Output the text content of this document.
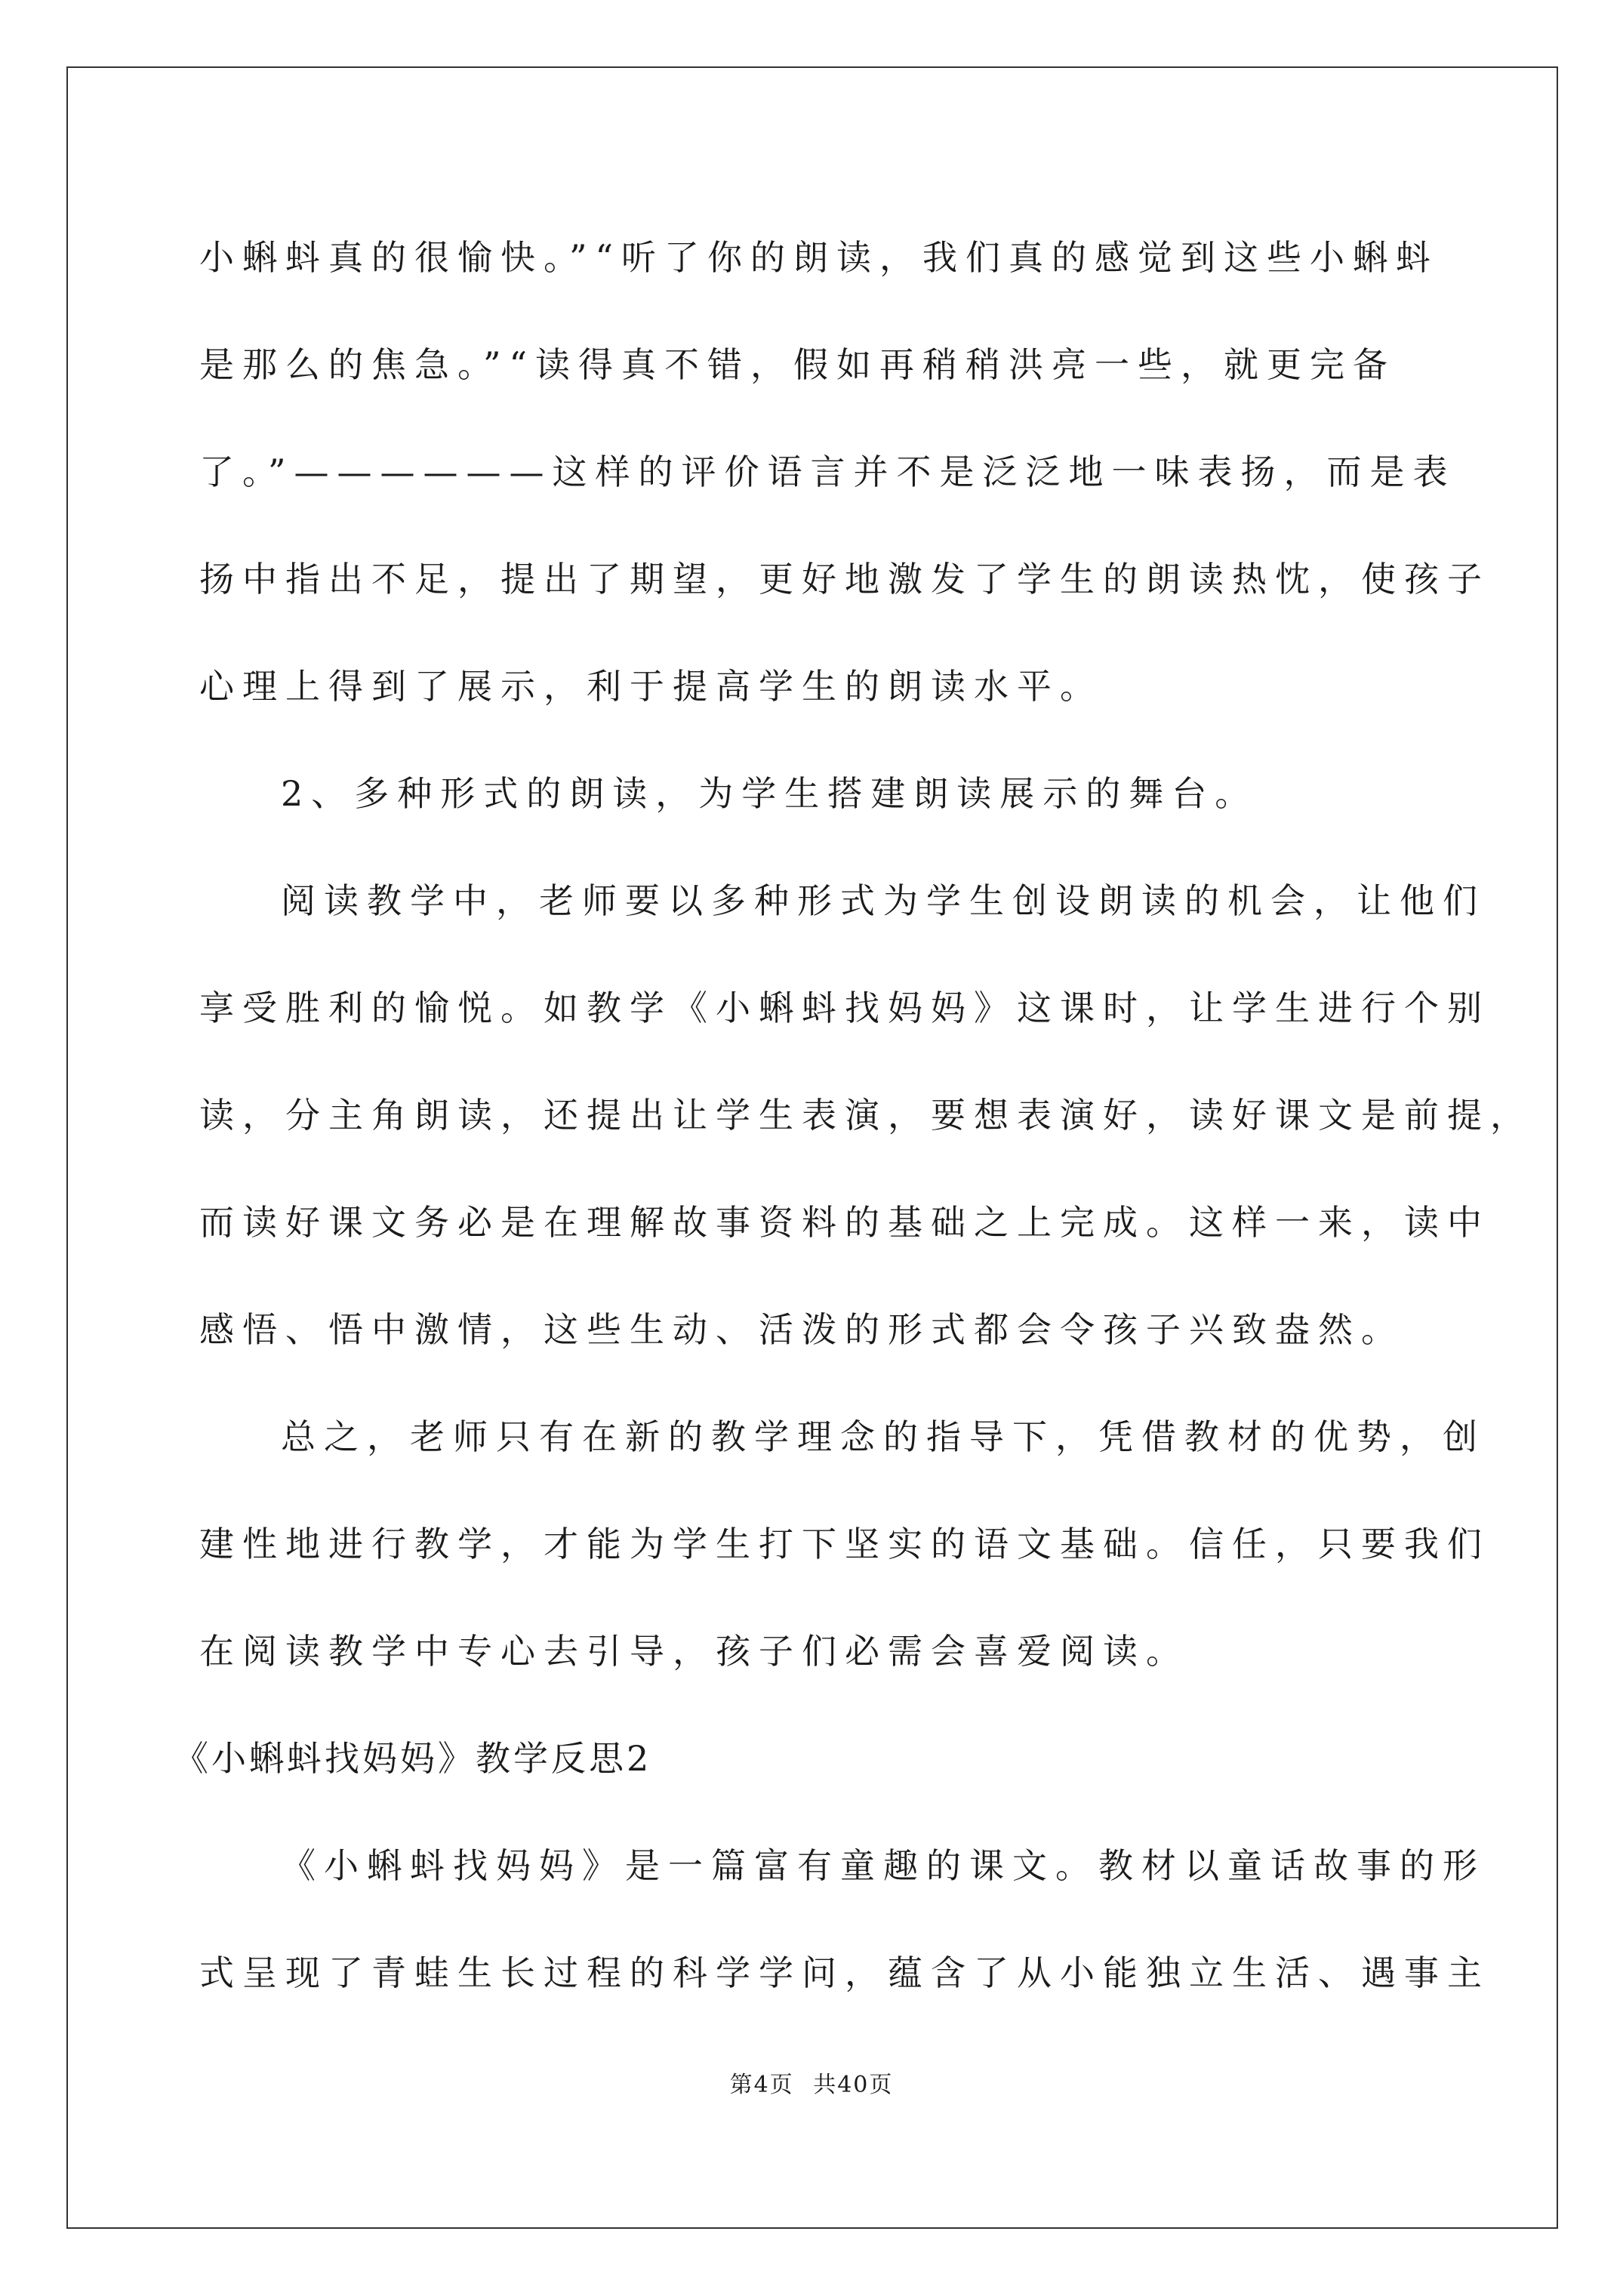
小蝌蚪真的很愉快。”“听了你的朗读，我们真的感觉到这些小蝌蚪
是那么的焦急。”“读得真不错，假如再稍稍洪亮一些，就更完备
了。”——————这样的评价语言并不是泛泛地一味表扬，而是表
扬中指出不足，提出了期望，更好地激发了学生的朗读热忱，使孩子
心理上得到了展示，利于提高学生的朗读水平。
2、多种形式的朗读，为学生搭建朗读展示的舞台。
阅读教学中，老师要以多种形式为学生创设朗读的机会，让他们
享受胜利的愉悦。如教学《小蝌蚪找妈妈》这课时，让学生进行个别
读，分主角朗读，还提出让学生表演，要想表演好，读好课文是前提，
而读好课文务必是在理解故事资料的基础之上完成。这样一来，读中
感悟、悟中激情，这些生动、活泼的形式都会令孩子兴致盎然。
总之，老师只有在新的教学理念的指导下，凭借教材的优势，创
建性地进行教学，才能为学生打下坚实的语文基础。信任，只要我们
在阅读教学中专心去引导，孩子们必需会喜爱阅读。
《小蝌蚪找妈妈》教学反思2
《小蝌蚪找妈妈》是一篇富有童趣的课文。教材以童话故事的形
式呈现了青蛙生长过程的科学学问，蕴含了从小能独立生活、遇事主
第4页 共40页
